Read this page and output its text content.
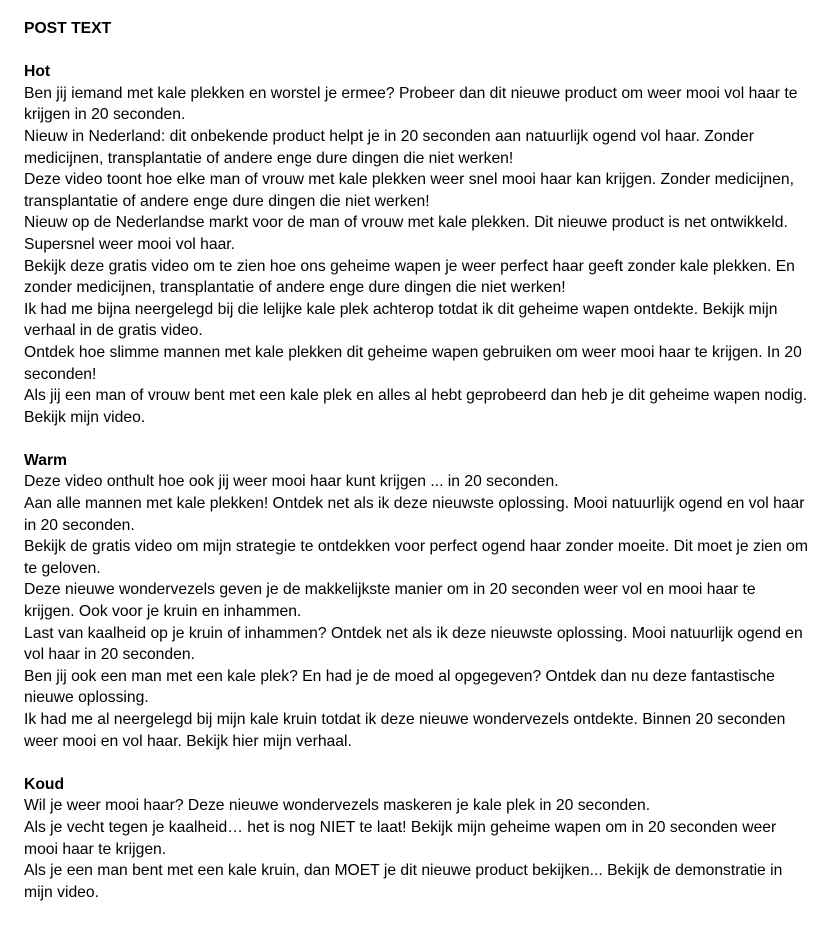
POST TEXT
Hot
Ben jij iemand met kale plekken en worstel je ermee? Probeer dan dit nieuwe product om weer mooi vol haar te krijgen in 20 seconden.
Nieuw in Nederland: dit onbekende product helpt je in 20 seconden aan natuurlijk ogend vol haar. Zonder medicijnen, transplantatie of andere enge dure dingen die niet werken!
Deze video toont hoe elke man of vrouw met kale plekken weer snel mooi haar kan krijgen. Zonder medicijnen, transplantatie of andere enge dure dingen die niet werken!
Nieuw op de Nederlandse markt voor de man of vrouw met kale plekken. Dit nieuwe product is net ontwikkeld. Supersnel weer mooi vol haar.
Bekijk deze gratis video om te zien hoe ons geheime wapen je weer perfect haar geeft zonder kale plekken. En zonder medicijnen, transplantatie of andere enge dure dingen die niet werken!
Ik had me bijna neergelegd bij die lelijke kale plek achterop totdat ik dit geheime wapen ontdekte. Bekijk mijn verhaal in de gratis video.
Ontdek hoe slimme mannen met kale plekken dit geheime wapen gebruiken om weer mooi haar te krijgen. In 20 seconden!
Als jij een man of vrouw bent met een kale plek en alles al hebt geprobeerd dan heb je dit geheime wapen nodig. Bekijk mijn video.
Warm
Deze video onthult hoe ook jij weer mooi haar kunt krijgen ... in 20 seconden.
Aan alle mannen met kale plekken! Ontdek net als ik deze nieuwste oplossing. Mooi natuurlijk ogend en vol haar in 20 seconden.
Bekijk de gratis video om mijn strategie te ontdekken voor perfect ogend haar zonder moeite. Dit moet je zien om te geloven.
Deze nieuwe wondervezels geven je de makkelijkste manier om in 20 seconden weer vol en mooi haar te krijgen. Ook voor je kruin en inhammen.
Last van kaalheid op je kruin of inhammen? Ontdek net als ik deze nieuwste oplossing. Mooi natuurlijk ogend en vol haar in 20 seconden.
Ben jij ook een man met een kale plek? En had je de moed al opgegeven? Ontdek dan nu deze fantastische nieuwe oplossing.
Ik had me al neergelegd bij mijn kale kruin totdat ik deze nieuwe wondervezels ontdekte. Binnen 20 seconden weer mooi en vol haar. Bekijk hier mijn verhaal.
Koud
Wil je weer mooi haar? Deze nieuwe wondervezels maskeren je kale plek in 20 seconden.
Als je vecht tegen je kaalheid… het is nog NIET te laat! Bekijk mijn geheime wapen om in 20 seconden weer mooi haar te krijgen.
Als je een man bent met een kale kruin, dan MOET je dit nieuwe product bekijken... Bekijk de demonstratie in mijn video.
